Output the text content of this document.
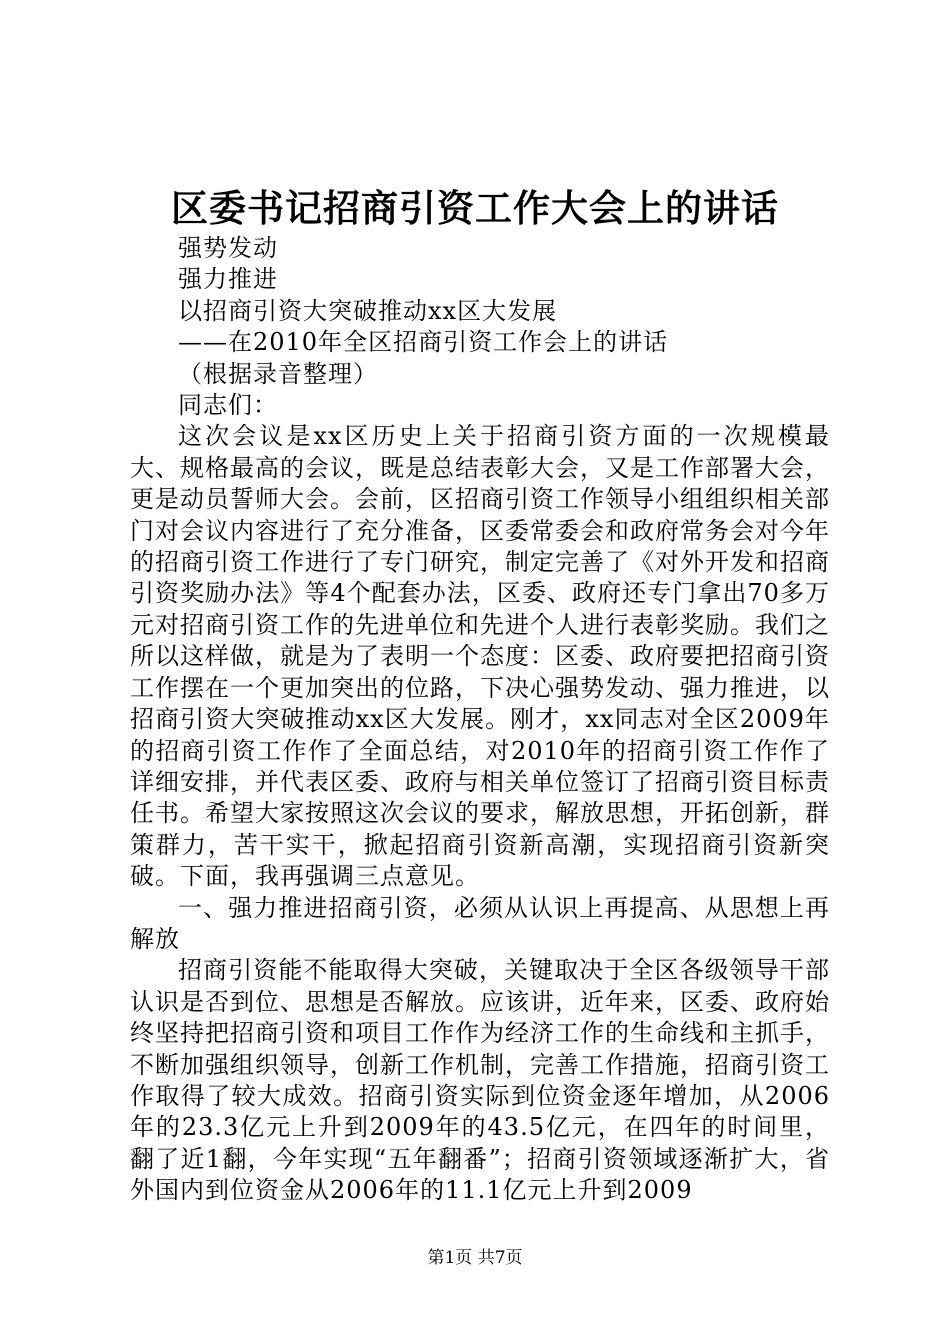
区委书记招商引资工作大会上的讲话

强势发动

强力推进

以招商引资大突破推动xx区大发展

——在2010年全区招商引资工作会上的讲话

（根据录音整理）

同志们：

这次会议是xx区历史上关于招商引资方面的一次规模最大、规格最高的会议，既是总结表彰大会，又是工作部署大会，更是动员誓师大会。会前，区招商引资工作领导小组组织相关部门对会议内容进行了充分准备，区委常委会和政府常务会对今年的招商引资工作进行了专门研究，制定完善了《对外开发和招商引资奖励办法》等4个配套办法，区委、政府还专门拿出70多万元对招商引资工作的先进单位和先进个人进行表彰奖励。我们之所以这样做，就是为了表明一个态度：区委、政府要把招商引资工作摆在一个更加突出的位路，下决心强势发动、强力推进，以招商引资大突破推动xx区大发展。刚才，xx同志对全区2009年的招商引资工作作了全面总结，对2010年的招商引资工作作了详细安排，并代表区委、政府与相关单位签订了招商引资目标责任书。希望大家按照这次会议的要求，解放思想，开拓创新，群策群力，苦干实干，掀起招商引资新高潮，实现招商引资新突破。下面，我再强调三点意见。

一、强力推进招商引资，必须从认识上再提高、从思想上再解放

招商引资能不能取得大突破，关键取决于全区各级领导干部认识是否到位、思想是否解放。应该讲，近年来，区委、政府始终坚持把招商引资和项目工作作为经济工作的生命线和主抓手，不断加强组织领导，创新工作机制，完善工作措施，招商引资工作取得了较大成效。招商引资实际到位资金逐年增加，从2006年的23.3亿元上升到2009年的43.5亿元，在四年的时间里，翻了近1翻，今年实现“五年翻番”；招商引资领域逐渐扩大，省外国内到位资金从2006年的11.1亿元上升到2009

第1页 共7页
